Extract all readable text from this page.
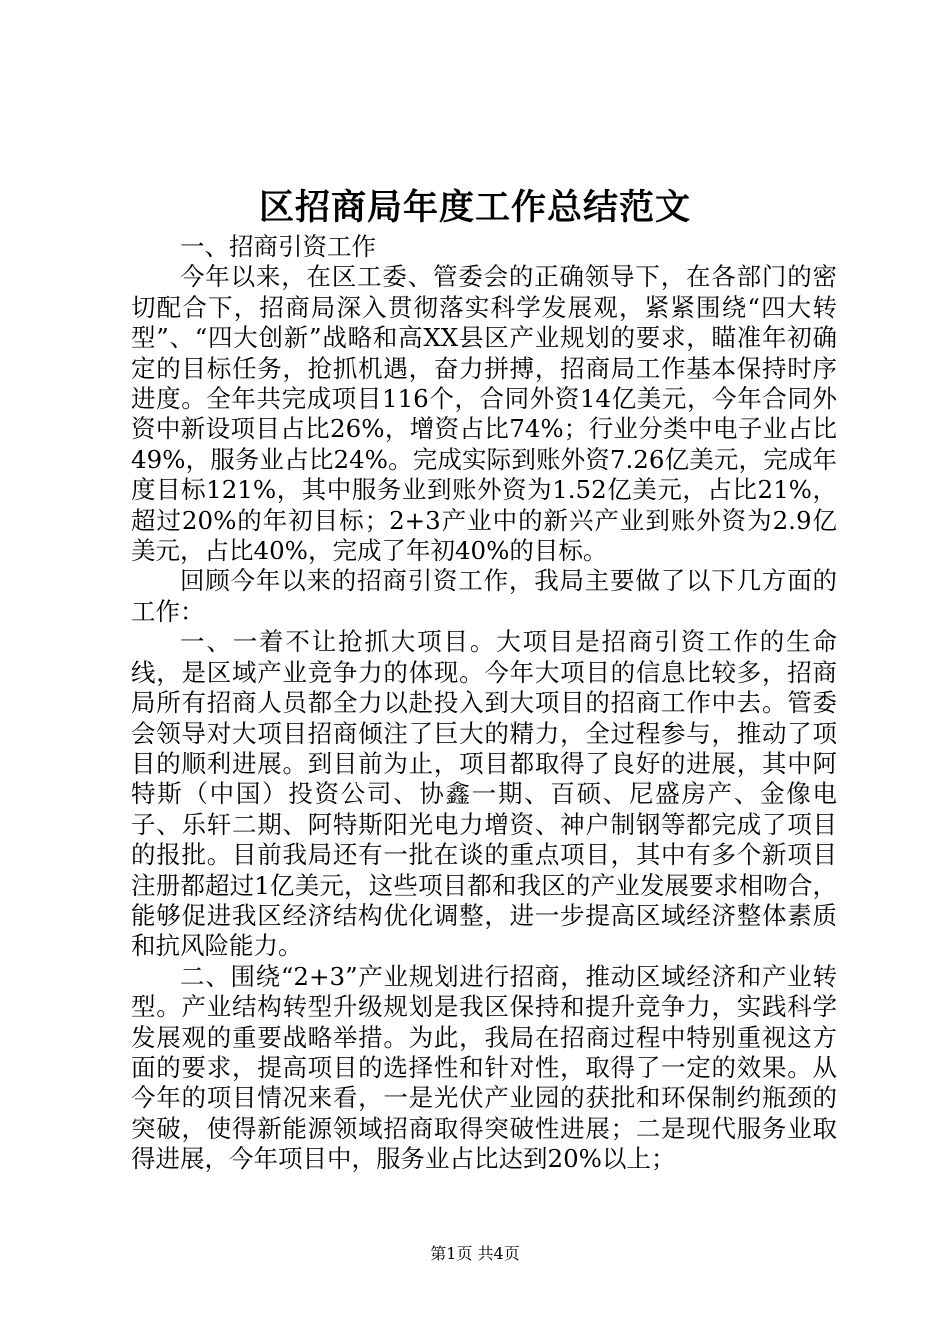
区招商局年度工作总结范文

一、招商引资工作

今年以来，在区工委、管委会的正确领导下，在各部门的密切配合下，招商局深入贯彻落实科学发展观，紧紧围绕“四大转型”、“四大创新”战略和高XX县区产业规划的要求，瞄准年初确定的目标任务，抢抓机遇，奋力拼搏，招商局工作基本保持时序进度。全年共完成项目116个，合同外资14亿美元，今年合同外资中新设项目占比26%，增资占比74%；行业分类中电子业占比49%，服务业占比24%。完成实际到账外资7.26亿美元，完成年度目标121%，其中服务业到账外资为1.52亿美元，占比21%，超过20%的年初目标；2+3产业中的新兴产业到账外资为2.9亿美元，占比40%，完成了年初40%的目标。

回顾今年以来的招商引资工作，我局主要做了以下几方面的工作：

一、一着不让抢抓大项目。大项目是招商引资工作的生命线，是区域产业竞争力的体现。今年大项目的信息比较多，招商局所有招商人员都全力以赴投入到大项目的招商工作中去。管委会领导对大项目招商倾注了巨大的精力，全过程参与，推动了项目的顺利进展。到目前为止，项目都取得了良好的进展，其中阿特斯（中国）投资公司、协鑫一期、百硕、尼盛房产、金像电子、乐轩二期、阿特斯阳光电力增资、神户制钢等都完成了项目的报批。目前我局还有一批在谈的重点项目，其中有多个新项目注册都超过1亿美元，这些项目都和我区的产业发展要求相吻合，能够促进我区经济结构优化调整，进一步提高区域经济整体素质和抗风险能力。

二、围绕“2+3”产业规划进行招商，推动区域经济和产业转型。产业结构转型升级规划是我区保持和提升竞争力，实践科学发展观的重要战略举措。为此，我局在招商过程中特别重视这方面的要求，提高项目的选择性和针对性，取得了一定的效果。从今年的项目情况来看，一是光伏产业园的获批和环保制约瓶颈的突破，使得新能源领域招商取得突破性进展；二是现代服务业取得进展，今年项目中，服务业占比达到20%以上；

第1页 共4页
